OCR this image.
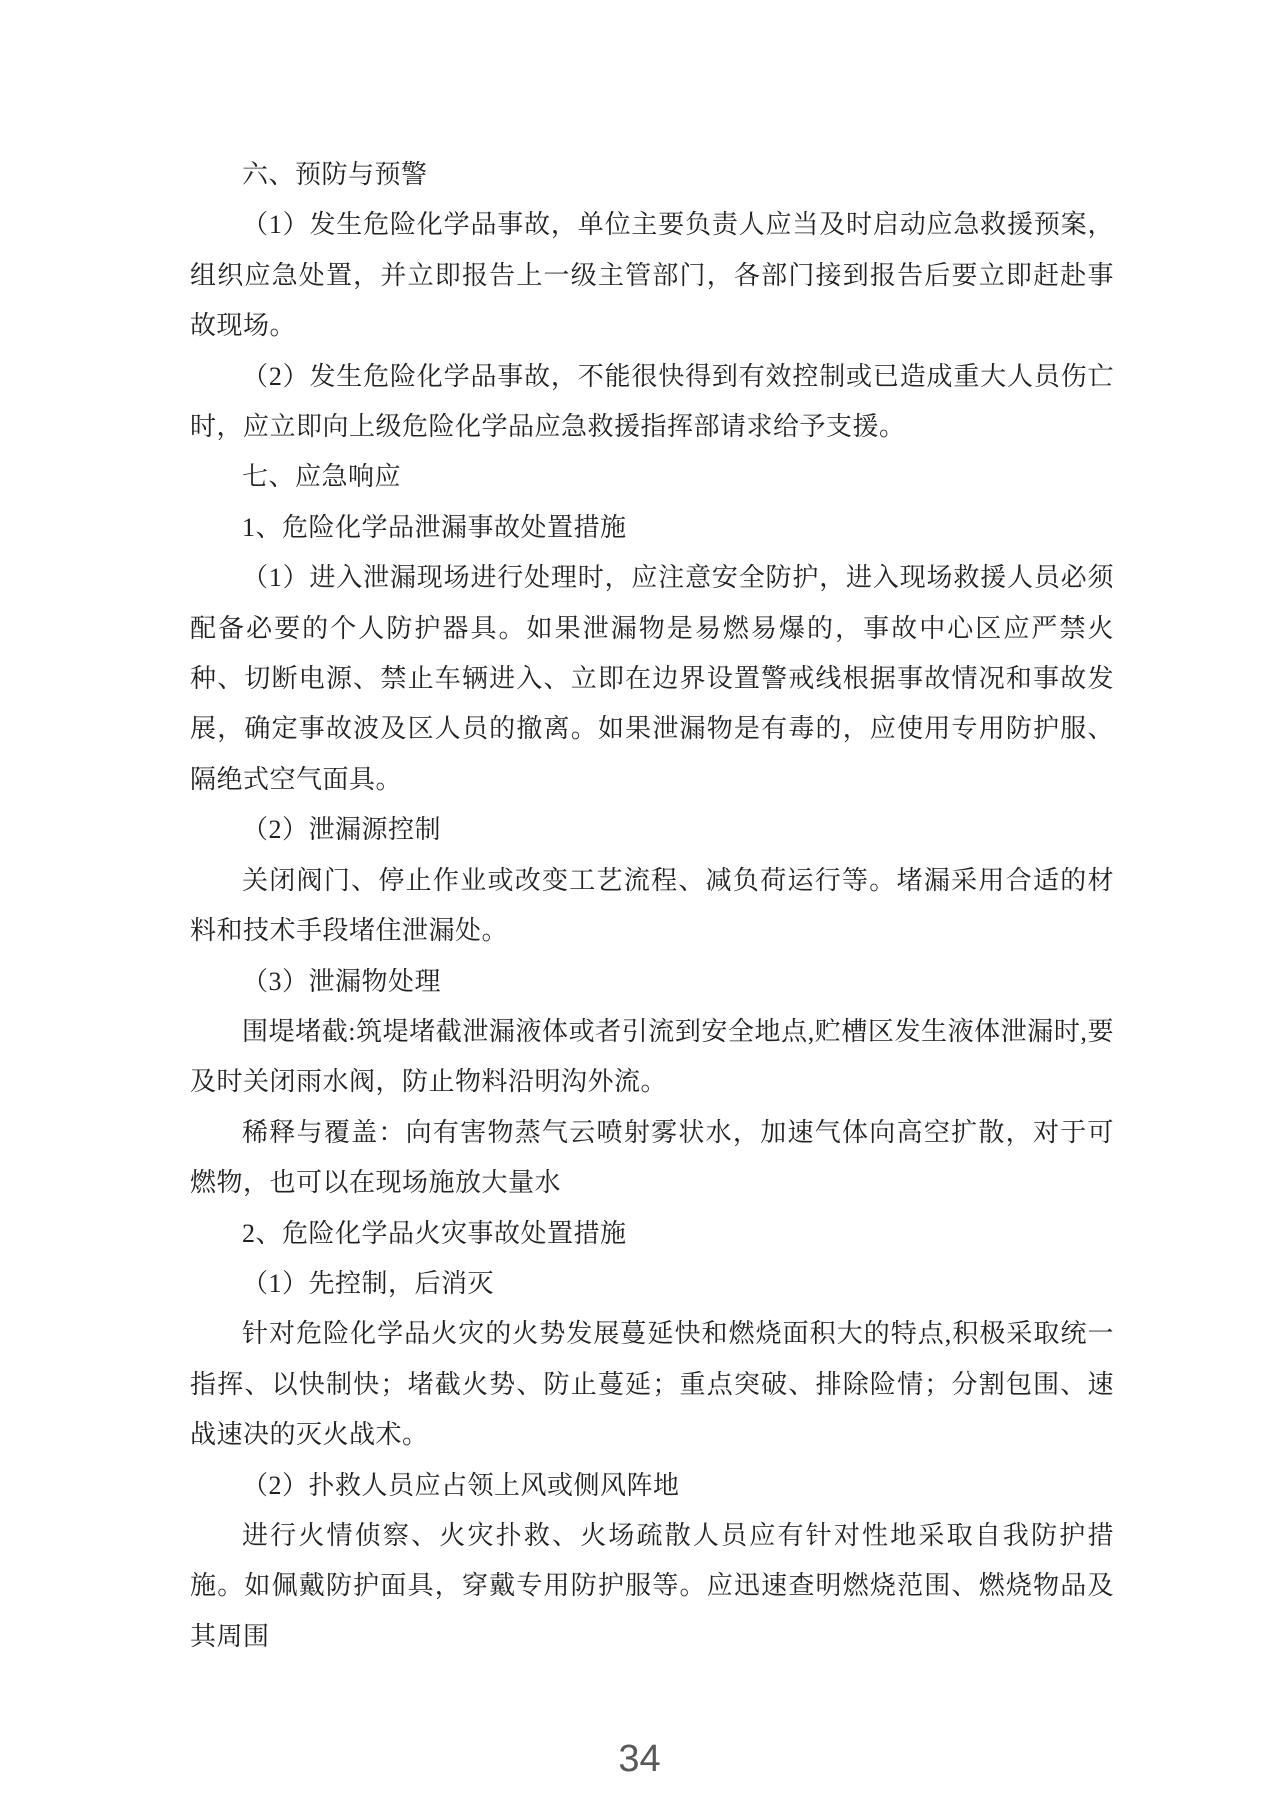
六、预防与预警

（1）发生危险化学品事故，单位主要负责人应当及时启动应急救援预案，组织应急处置，并立即报告上一级主管部门，各部门接到报告后要立即赶赴事故现场。

（2）发生危险化学品事故，不能很快得到有效控制或已造成重大人员伤亡时，应立即向上级危险化学品应急救援指挥部请求给予支援。

七、应急响应

1、危险化学品泄漏事故处置措施

（1）进入泄漏现场进行处理时，应注意安全防护，进入现场救援人员必须配备必要的个人防护器具。如果泄漏物是易燃易爆的，事故中心区应严禁火种、切断电源、禁止车辆进入、立即在边界设置警戒线根据事故情况和事故发展，确定事故波及区人员的撤离。如果泄漏物是有毒的，应使用专用防护服、隔绝式空气面具。

（2）泄漏源控制

关闭阀门、停止作业或改变工艺流程、减负荷运行等。堵漏采用合适的材料和技术手段堵住泄漏处。

（3）泄漏物处理

围堤堵截:筑堤堵截泄漏液体或者引流到安全地点,贮槽区发生液体泄漏时,要及时关闭雨水阀，防止物料沿明沟外流。

稀释与覆盖：向有害物蒸气云喷射雾状水，加速气体向高空扩散，对于可燃物，也可以在现场施放大量水

2、危险化学品火灾事故处置措施

（1）先控制，后消灭

针对危险化学品火灾的火势发展蔓延快和燃烧面积大的特点,积极采取统一指挥、以快制快；堵截火势、防止蔓延；重点突破、排除险情；分割包围、速战速决的灭火战术。

（2）扑救人员应占领上风或侧风阵地

进行火情侦察、火灾扑救、火场疏散人员应有针对性地采取自我防护措施。如佩戴防护面具，穿戴专用防护服等。应迅速查明燃烧范围、燃烧物品及其周围

34
